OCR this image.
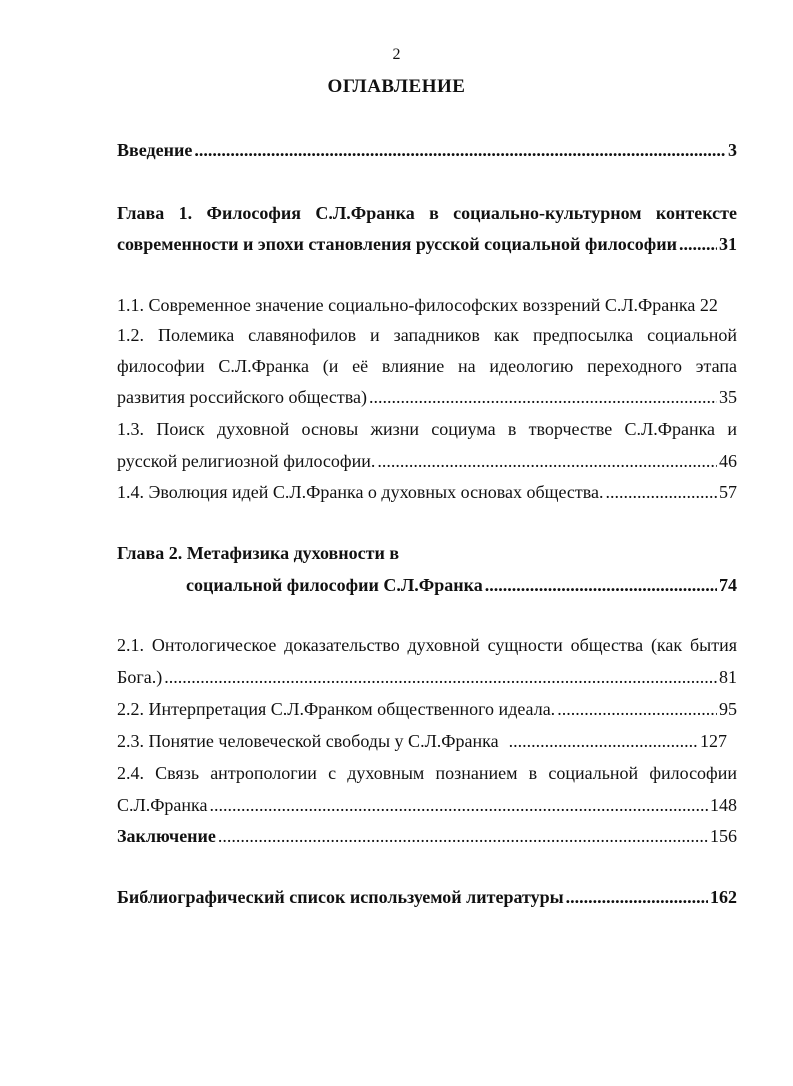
2
ОГЛАВЛЕНИЕ
Введение .....	3
Глава 1. Философия С.Л.Франка в социально-культурном контексте
современности и эпохи становления русской социальной философии ..... 31
1.1. Современное значение социально-философских воззрений С.Л.Франка 22
1.2. Полемика славянофилов и западников как предпосылка социальной
философии С.Л.Франка (и её влияние на идеологию переходного этапа
развития российского общества) .....	35
1.3. Поиск духовной основы жизни социума в творчестве С.Л.Франка и
русской религиозной философии. .....	46
1.4. Эволюция идей С.Л.Франка о духовных основах общества. .....	57
Глава 2. Метафизика духовности в
социальной философии С.Л.Франка .....	74
2.1. Онтологическое доказательство духовной сущности общества (как бытия
Бога.) .....	81
2.2. Интерпретация С.Л.Франком общественного идеала. .....	95
2.3. Понятие человеческой свободы у С.Л.Франка .....	127
2.4. Связь антропологии с духовным познанием в социальной философии
С.Л.Франка .....	148
Заключение .....	156
Библиографический список используемой литературы .....	162
